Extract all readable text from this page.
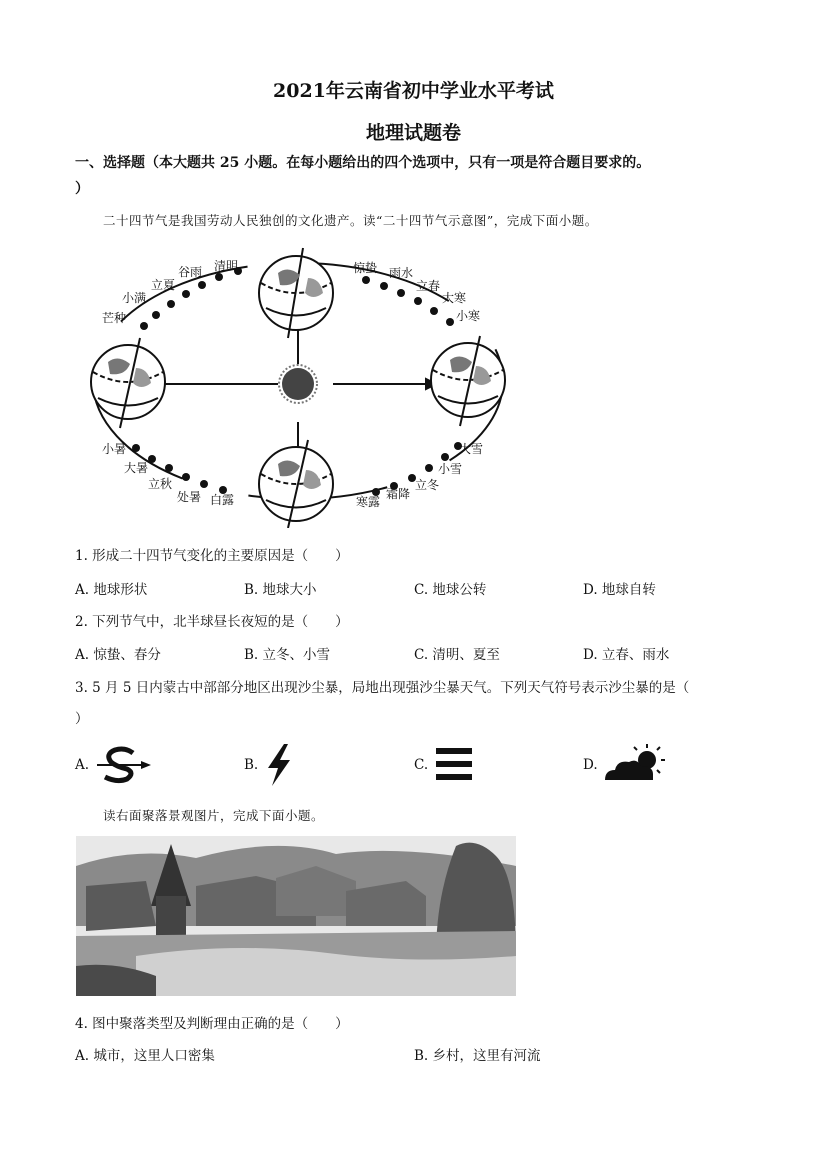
2021年云南省初中学业水平考试
地理试题卷
一、选择题（本大题共 25 小题。在每小题给出的四个选项中，只有一项是符合题目要求的。
）
二十四节气是我国劳动人民独创的文化遗产。读“二十四节气示意图”，完成下面小题。
清明
谷雨
立夏
小满
芒种
惊蛰 雨水
立春
大寒
小寒
小暑
大暑
立秋
处暑 白露
大雪
小雪
立冬
霜降
寒露
1. 形成二十四节气变化的主要原因是（　　）
A. 地球形状	B. 地球大小	C. 地球公转	D. 地球自转
2. 下列节气中，北半球昼长夜短的是（　　）
A. 惊蛰、春分	B. 立冬、小雪	C. 清明、夏至	D. 立春、雨水
3. 5 月 5 日内蒙古中部部分地区出现沙尘暴，局地出现强沙尘暴天气。下列天气符号表示沙尘暴的是（
）
A.	B.	C.	D.
读右面聚落景观图片，完成下面小题。
4. 图中聚落类型及判断理由正确的是（　　）
A. 城市，这里人口密集	B. 乡村，这里有河流
